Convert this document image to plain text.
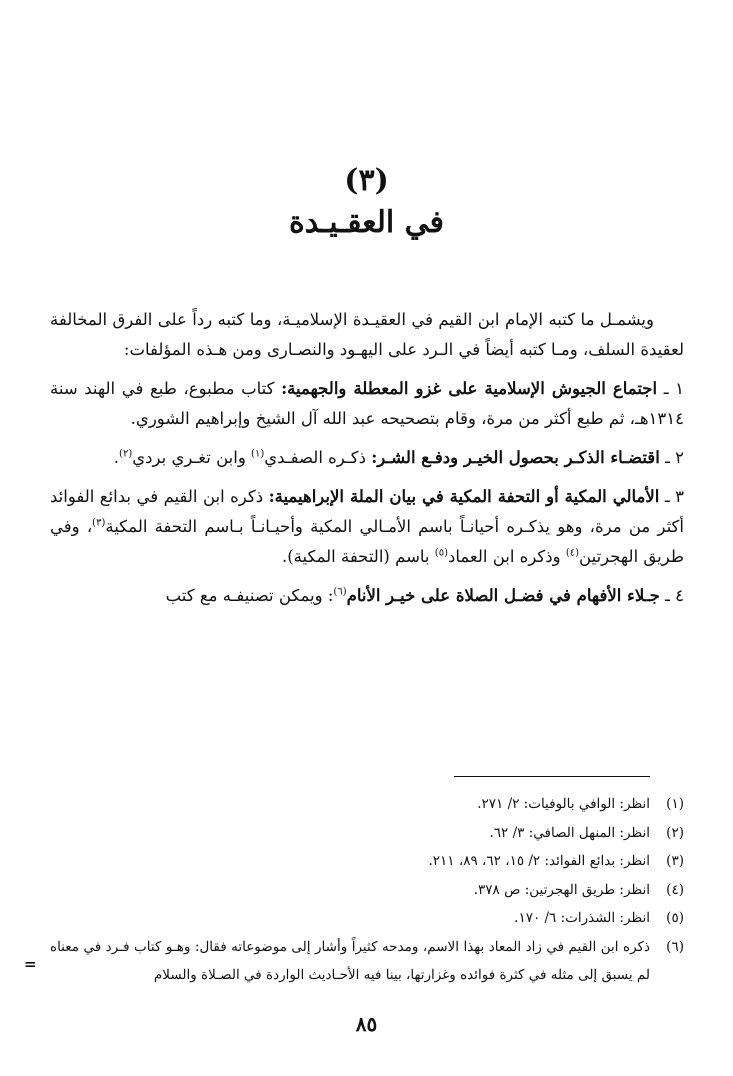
(٣)
في العقـيـدة

ويشمـل ما كتبه الإمام ابن القيم في العقيـدة الإسلاميـة، وما كتبه رداً على الفرق المخالفة لعقيدة السلف، ومـا كتبه أيضاً في الـرد على اليهـود والنصـارى ومن هـذه المؤلفات:

١ ـ اجتماع الجيوش الإسلامية على غزو المعطلة والجهمية: كتاب مطبوع، طبع في الهند سنة ١٣١٤هـ، ثم طبع أكثر من مرة، وقام بتصحيحه عبد الله آل الشيخ وإبراهيم الشوري.

٢ ـ اقتضـاء الذكـر بحصول الخيـر ودفـع الشـر: ذكـره الصفـدي$^{(١)}$ وابن تغـري بردي$^{(٢)}$.

٣ ـ الأمالي المكية أو التحفة المكية في بيان الملة الإبراهيمية: ذكره ابن القيم في بدائع الفوائد أكثر من مرة، وهو يذكـره أحيانـاً باسم الأمـالي المكية وأحيـانـاً بـاسم التحفة المكية$^{(٣)}$، وفي طريق الهجرتين$^{(٤)}$ وذكره ابن العماد$^{(٥)}$ باسم (التحفة المكية).

٤ ـ جـلاء الأفهام في فضـل الصلاة على خيـر الأنام$^{(٦)}$: ويمكن تصنيفـه مع كتب

(١)
انظر: الوافي بالوفيات: ٢/ ٢٧١.
(٢)
انظر: المنهل الصافي: ٣/ ٦٢.
(٣)
انظر: بدائع الفوائد: ٢/ ١٥، ٦٢، ٨٩، ٢١١.
(٤)
انظر: طريق الهجرتين: ص ٣٧٨.
(٥)
انظر: الشذرات: ٦/ ١٧٠.
(٦)
ذكره ابن القيم في زاد المعاد بهذا الاسم، ومدحه كثيراً وأشار إلى موضوعاته فقال: وهـو كتاب فـرد في معناه لم يسبق إلى مثله في كثرة فوائده وغزارتها، بينا فيه الأحـاديث الواردة في الصـلاة والسلام
=
٨٥
